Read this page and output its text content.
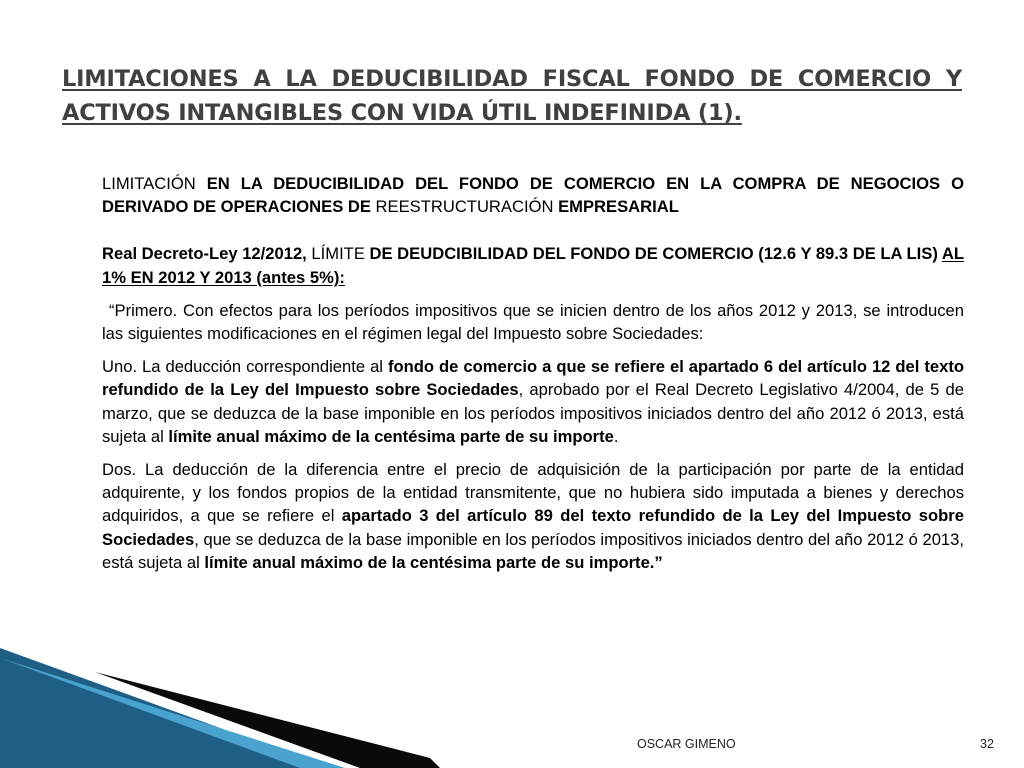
LIMITACIONES A LA DEDUCIBILIDAD FISCAL FONDO DE COMERCIO Y ACTIVOS INTANGIBLES CON VIDA ÚTIL INDEFINIDA (1).

LIMITACIÓN EN LA DEDUCIBILIDAD DEL FONDO DE COMERCIO EN LA COMPRA DE NEGOCIOS O DERIVADO DE OPERACIONES DE REESTRUCTURACIÓN EMPRESARIAL

Real Decreto-Ley 12/2012, LÍMITE DE DEUDCIBILIDAD DEL FONDO DE COMERCIO (12.6 Y 89.3 DE LA LIS) AL 1% EN 2012 Y 2013 (antes 5%):

“Primero. Con efectos para los períodos impositivos que se inicien dentro de los años 2012 y 2013, se introducen las siguientes modificaciones en el régimen legal del Impuesto sobre Sociedades:

Uno. La deducción correspondiente al fondo de comercio a que se refiere el apartado 6 del artículo 12 del texto refundido de la Ley del Impuesto sobre Sociedades, aprobado por el Real Decreto Legislativo 4/2004, de 5 de marzo, que se deduzca de la base imponible en los períodos impositivos iniciados dentro del año 2012 ó 2013, está sujeta al límite anual máximo de la centésima parte de su importe.

Dos. La deducción de la diferencia entre el precio de adquisición de la participación por parte de la entidad adquirente, y los fondos propios de la entidad transmitente, que no hubiera sido imputada a bienes y derechos adquiridos, a que se refiere el apartado 3 del artículo 89 del texto refundido de la Ley del Impuesto sobre Sociedades, que se deduzca de la base imponible en los períodos impositivos iniciados dentro del año 2012 ó 2013, está sujeta al límite anual máximo de la centésima parte de su importe.”

OSCAR GIMENO	32
